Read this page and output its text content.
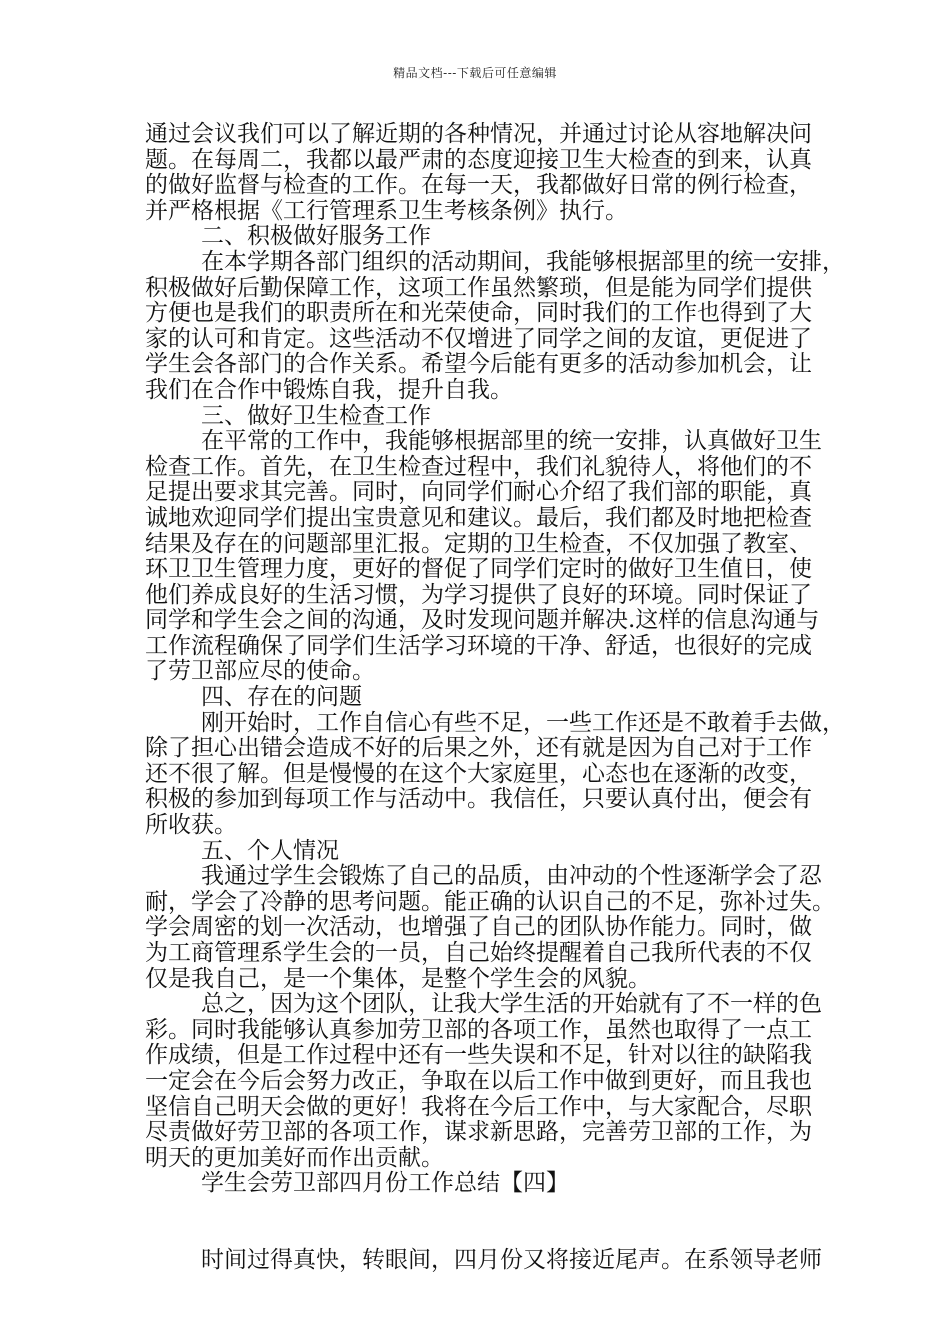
精品文档---下载后可任意编辑
通过会议我们可以了解近期的各种情况，并通过讨论从容地解决问
题。在每周二，我都以最严肃的态度迎接卫生大检查的到来，认真
的做好监督与检查的工作。在每一天，我都做好日常的例行检查，
并严格根据《工行管理系卫生考核条例》执行。
二、积极做好服务工作
在本学期各部门组织的活动期间，我能够根据部里的统一安排，
积极做好后勤保障工作，这项工作虽然繁琐，但是能为同学们提供
方便也是我们的职责所在和光荣使命，同时我们的工作也得到了大
家的认可和肯定。这些活动不仅增进了同学之间的友谊，更促进了
学生会各部门的合作关系。希望今后能有更多的活动参加机会，让
我们在合作中锻炼自我，提升自我。
三、做好卫生检查工作
在平常的工作中，我能够根据部里的统一安排，认真做好卫生
检查工作。首先，在卫生检查过程中，我们礼貌待人，将他们的不
足提出要求其完善。同时，向同学们耐心介绍了我们部的职能，真
诚地欢迎同学们提出宝贵意见和建议。最后，我们都及时地把检查
结果及存在的问题部里汇报。定期的卫生检查，不仅加强了教室、
环卫卫生管理力度，更好的督促了同学们定时的做好卫生值日，使
他们养成良好的生活习惯，为学习提供了良好的环境。同时保证了
同学和学生会之间的沟通，及时发现问题并解决.这样的信息沟通与
工作流程确保了同学们生活学习环境的干净、舒适，也很好的完成
了劳卫部应尽的使命。
四、存在的问题
刚开始时，工作自信心有些不足，一些工作还是不敢着手去做，
除了担心出错会造成不好的后果之外，还有就是因为自己对于工作
还不很了解。但是慢慢的在这个大家庭里，心态也在逐渐的改变，
积极的参加到每项工作与活动中。我信任，只要认真付出，便会有
所收获。
五、个人情况
我通过学生会锻炼了自己的品质，由冲动的个性逐渐学会了忍
耐，学会了冷静的思考问题。能正确的认识自己的不足，弥补过失。
学会周密的划一次活动，也增强了自己的团队协作能力。同时，做
为工商管理系学生会的一员，自己始终提醒着自己我所代表的不仅
仅是我自己，是一个集体，是整个学生会的风貌。
总之，因为这个团队，让我大学生活的开始就有了不一样的色
彩。同时我能够认真参加劳卫部的各项工作，虽然也取得了一点工
作成绩，但是工作过程中还有一些失误和不足，针对以往的缺陷我
一定会在今后会努力改正，争取在以后工作中做到更好，而且我也
坚信自己明天会做的更好！我将在今后工作中，与大家配合，尽职
尽责做好劳卫部的各项工作，谋求新思路，完善劳卫部的工作，为
明天的更加美好而作出贡献。
学生会劳卫部四月份工作总结【四】
时间过得真快，转眼间，四月份又将接近尾声。在系领导老师
